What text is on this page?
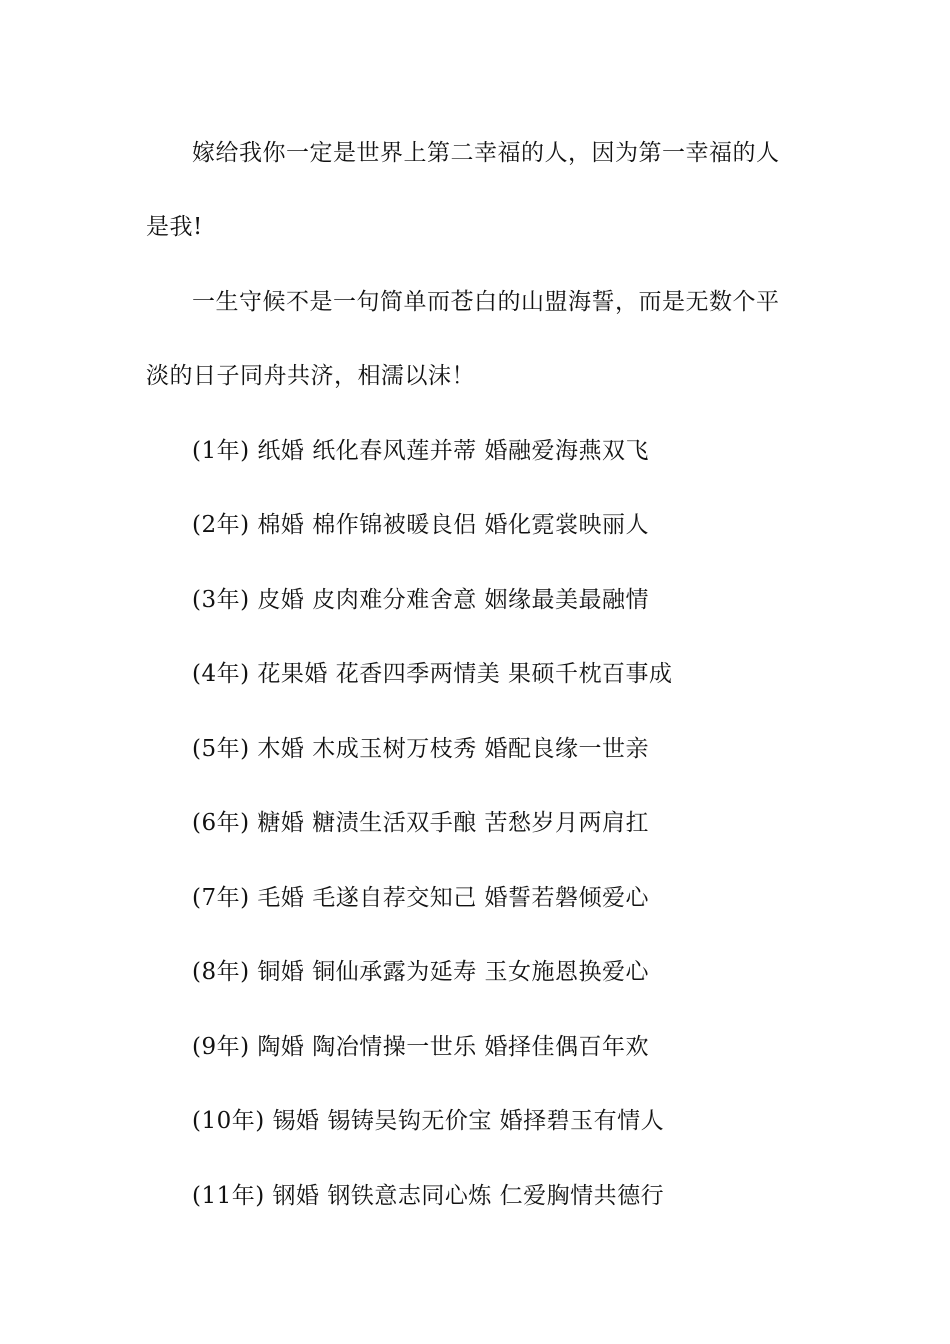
嫁给我你一定是世界上第二幸福的人，因为第一幸福的人
是我!
一生守候不是一句简单而苍白的山盟海誓，而是无数个平
淡的日子同舟共济，相濡以沫！
(1年) 纸婚 纸化春风莲并蒂 婚融爱海燕双飞
(2年) 棉婚 棉作锦被暖良侣 婚化霓裳映丽人
(3年) 皮婚 皮肉难分难舍意 姻缘最美最融情
(4年) 花果婚 花香四季两情美 果硕千枕百事成
(5年) 木婚 木成玉树万枝秀 婚配良缘一世亲
(6年) 糖婚 糖渍生活双手酿 苦愁岁月两肩扛
(7年) 毛婚 毛遂自荐交知己 婚誓若磐倾爱心
(8年) 铜婚 铜仙承露为延寿 玉女施恩换爱心
(9年) 陶婚 陶冶情操一世乐 婚择佳偶百年欢
(10年) 锡婚 锡铸吴钩无价宝 婚择碧玉有情人
(11年) 钢婚 钢铁意志同心炼 仁爱胸情共德行
